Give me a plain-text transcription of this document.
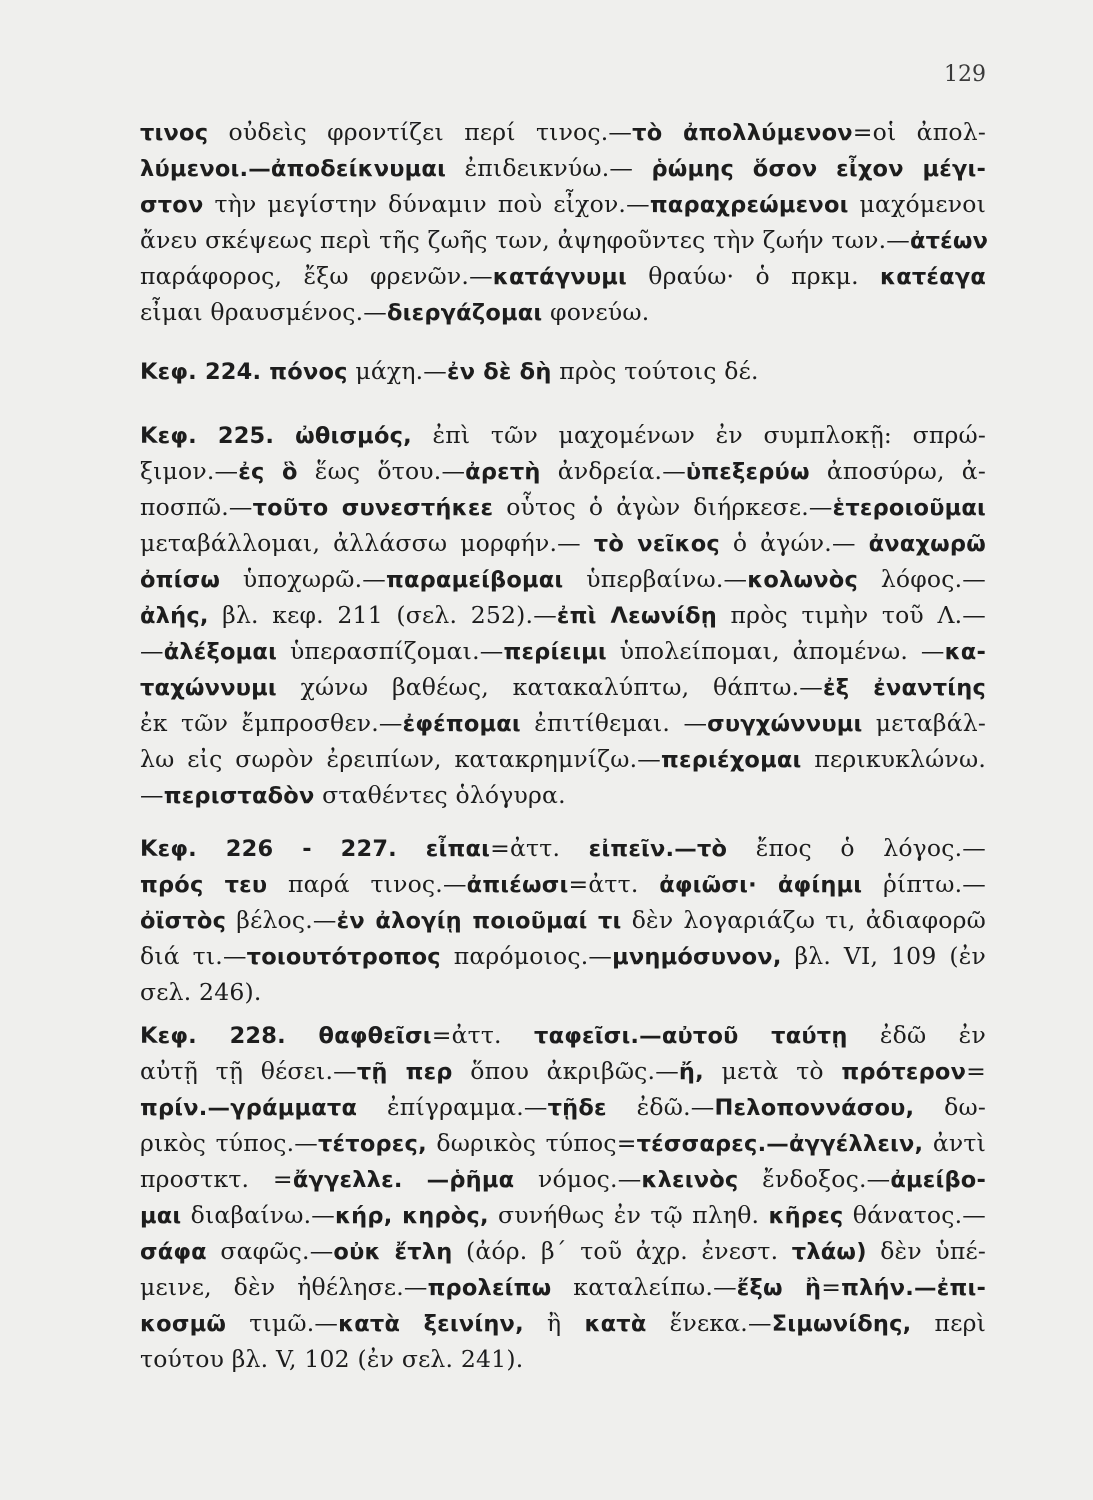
129
τινος οὐδεὶς φροντίζει περί τινος.—τὸ ἀπολλύμενον=οἱ ἀπολ-
λύμενοι.—ἀποδείκνυμαι ἐπιδεικνύω.— ῥώμης ὅσον εἶχον μέγι-
στον τὴν μεγίστην δύναμιν ποὺ εἶχον.—παραχρεώμενοι μαχόμενοι
ἄνευ σκέψεως περὶ τῆς ζωῆς των, ἀψηφοῦντες τὴν ζωήν των.—ἀτέων
παράφορος, ἔξω φρενῶν.—κατάγνυμι θραύω· ὁ πρκμ. κατέαγα
εἶμαι θραυσμένος.—διεργάζομαι φονεύω.
Κεφ. 224. πόνος μάχη.—ἐν δὲ δὴ πρὸς τούτοις δέ.
Κεφ. 225. ὠθισμός, ἐπὶ τῶν μαχομένων ἐν συμπλοκῇ: σπρώ-
ξιμον.—ἐς ὃ ἕως ὅτου.—ἀρετὴ ἀνδρεία.—ὑπεξερύω ἀποσύρω, ἀ-
ποσπῶ.—τοῦτο συνεστήκεε οὗτος ὁ ἀγὼν διήρκεσε.—ἑτεροιοῦμαι
μεταβάλλομαι, ἀλλάσσω μορφήν.— τὸ νεῖκος ὁ ἀγών.— ἀναχωρῶ
ὀπίσω ὑποχωρῶ.—παραμείβομαι ὑπερβαίνω.—κολωνὸς λόφος.—
ἀλής, βλ. κεφ. 211 (σελ. 252).—ἐπὶ Λεωνίδῃ πρὸς τιμὴν τοῦ Λ.—
—ἀλέξομαι ὑπερασπίζομαι.—περίειμι ὑπολείπομαι, ἀπομένω. —κα-
ταχώννυμι χώνω βαθέως, κατακαλύπτω, θάπτω.—ἐξ ἐναντίης
ἐκ τῶν ἔμπροσθεν.—ἐφέπομαι ἐπιτίθεμαι. —συγχώννυμι μεταβάλ-
λω εἰς σωρὸν ἐρειπίων, κατακρημνίζω.—περιέχομαι περικυκλώνω.
—περισταδὸν σταθέντες ὁλόγυρα.
Κεφ. 226 - 227. εἶπαι=ἀττ. εἰπεῖν.—τὸ ἔπος ὁ λόγος.—
πρός τευ παρά τινος.—ἀπιέωσι=ἀττ. ἀφιῶσι· ἀφίημι ῥίπτω.—
ὀϊστὸς βέλος.—ἐν ἀλογίῃ ποιοῦμαί τι δὲν λογαριάζω τι, ἀδιαφορῶ
διά τι.—τοιουτότροπος παρόμοιος.—μνημόσυνον, βλ. VI, 109 (ἐν
σελ. 246).
Κεφ. 228. θαφθεῖσι=ἀττ. ταφεῖσι.—αὐτοῦ ταύτῃ ἐδῶ ἐν
αὐτῇ τῇ θέσει.—τῇ περ ὅπου ἀκριβῶς.—ἤ, μετὰ τὸ πρότερον=
πρίν.—γράμματα ἐπίγραμμα.—τῇδε ἐδῶ.—Πελοποννάσου, δω-
ρικὸς τύπος.—τέτορες, δωρικὸς τύπος=τέσσαρες.—ἀγγέλλειν, ἀντὶ
προστκτ. =ἄγγελλε. —ῥῆμα νόμος.—κλεινὸς ἔνδοξος.—ἀμείβο-
μαι διαβαίνω.—κήρ, κηρὸς, συνήθως ἐν τῷ πληθ. κῆρες θάνατος.—
σάφα σαφῶς.—οὐκ ἔτλη (ἀόρ. β΄ τοῦ ἀχρ. ἐνεστ. τλάω) δὲν ὑπέ-
μεινε, δὲν ἠθέλησε.—προλείπω καταλείπω.—ἔξω ἢ=πλήν.—ἐπι-
κοσμῶ τιμῶ.—κατὰ ξεινίην, ἢ κατὰ ἕνεκα.—Σιμωνίδης, περὶ
τούτου βλ. V, 102 (ἐν σελ. 241).
